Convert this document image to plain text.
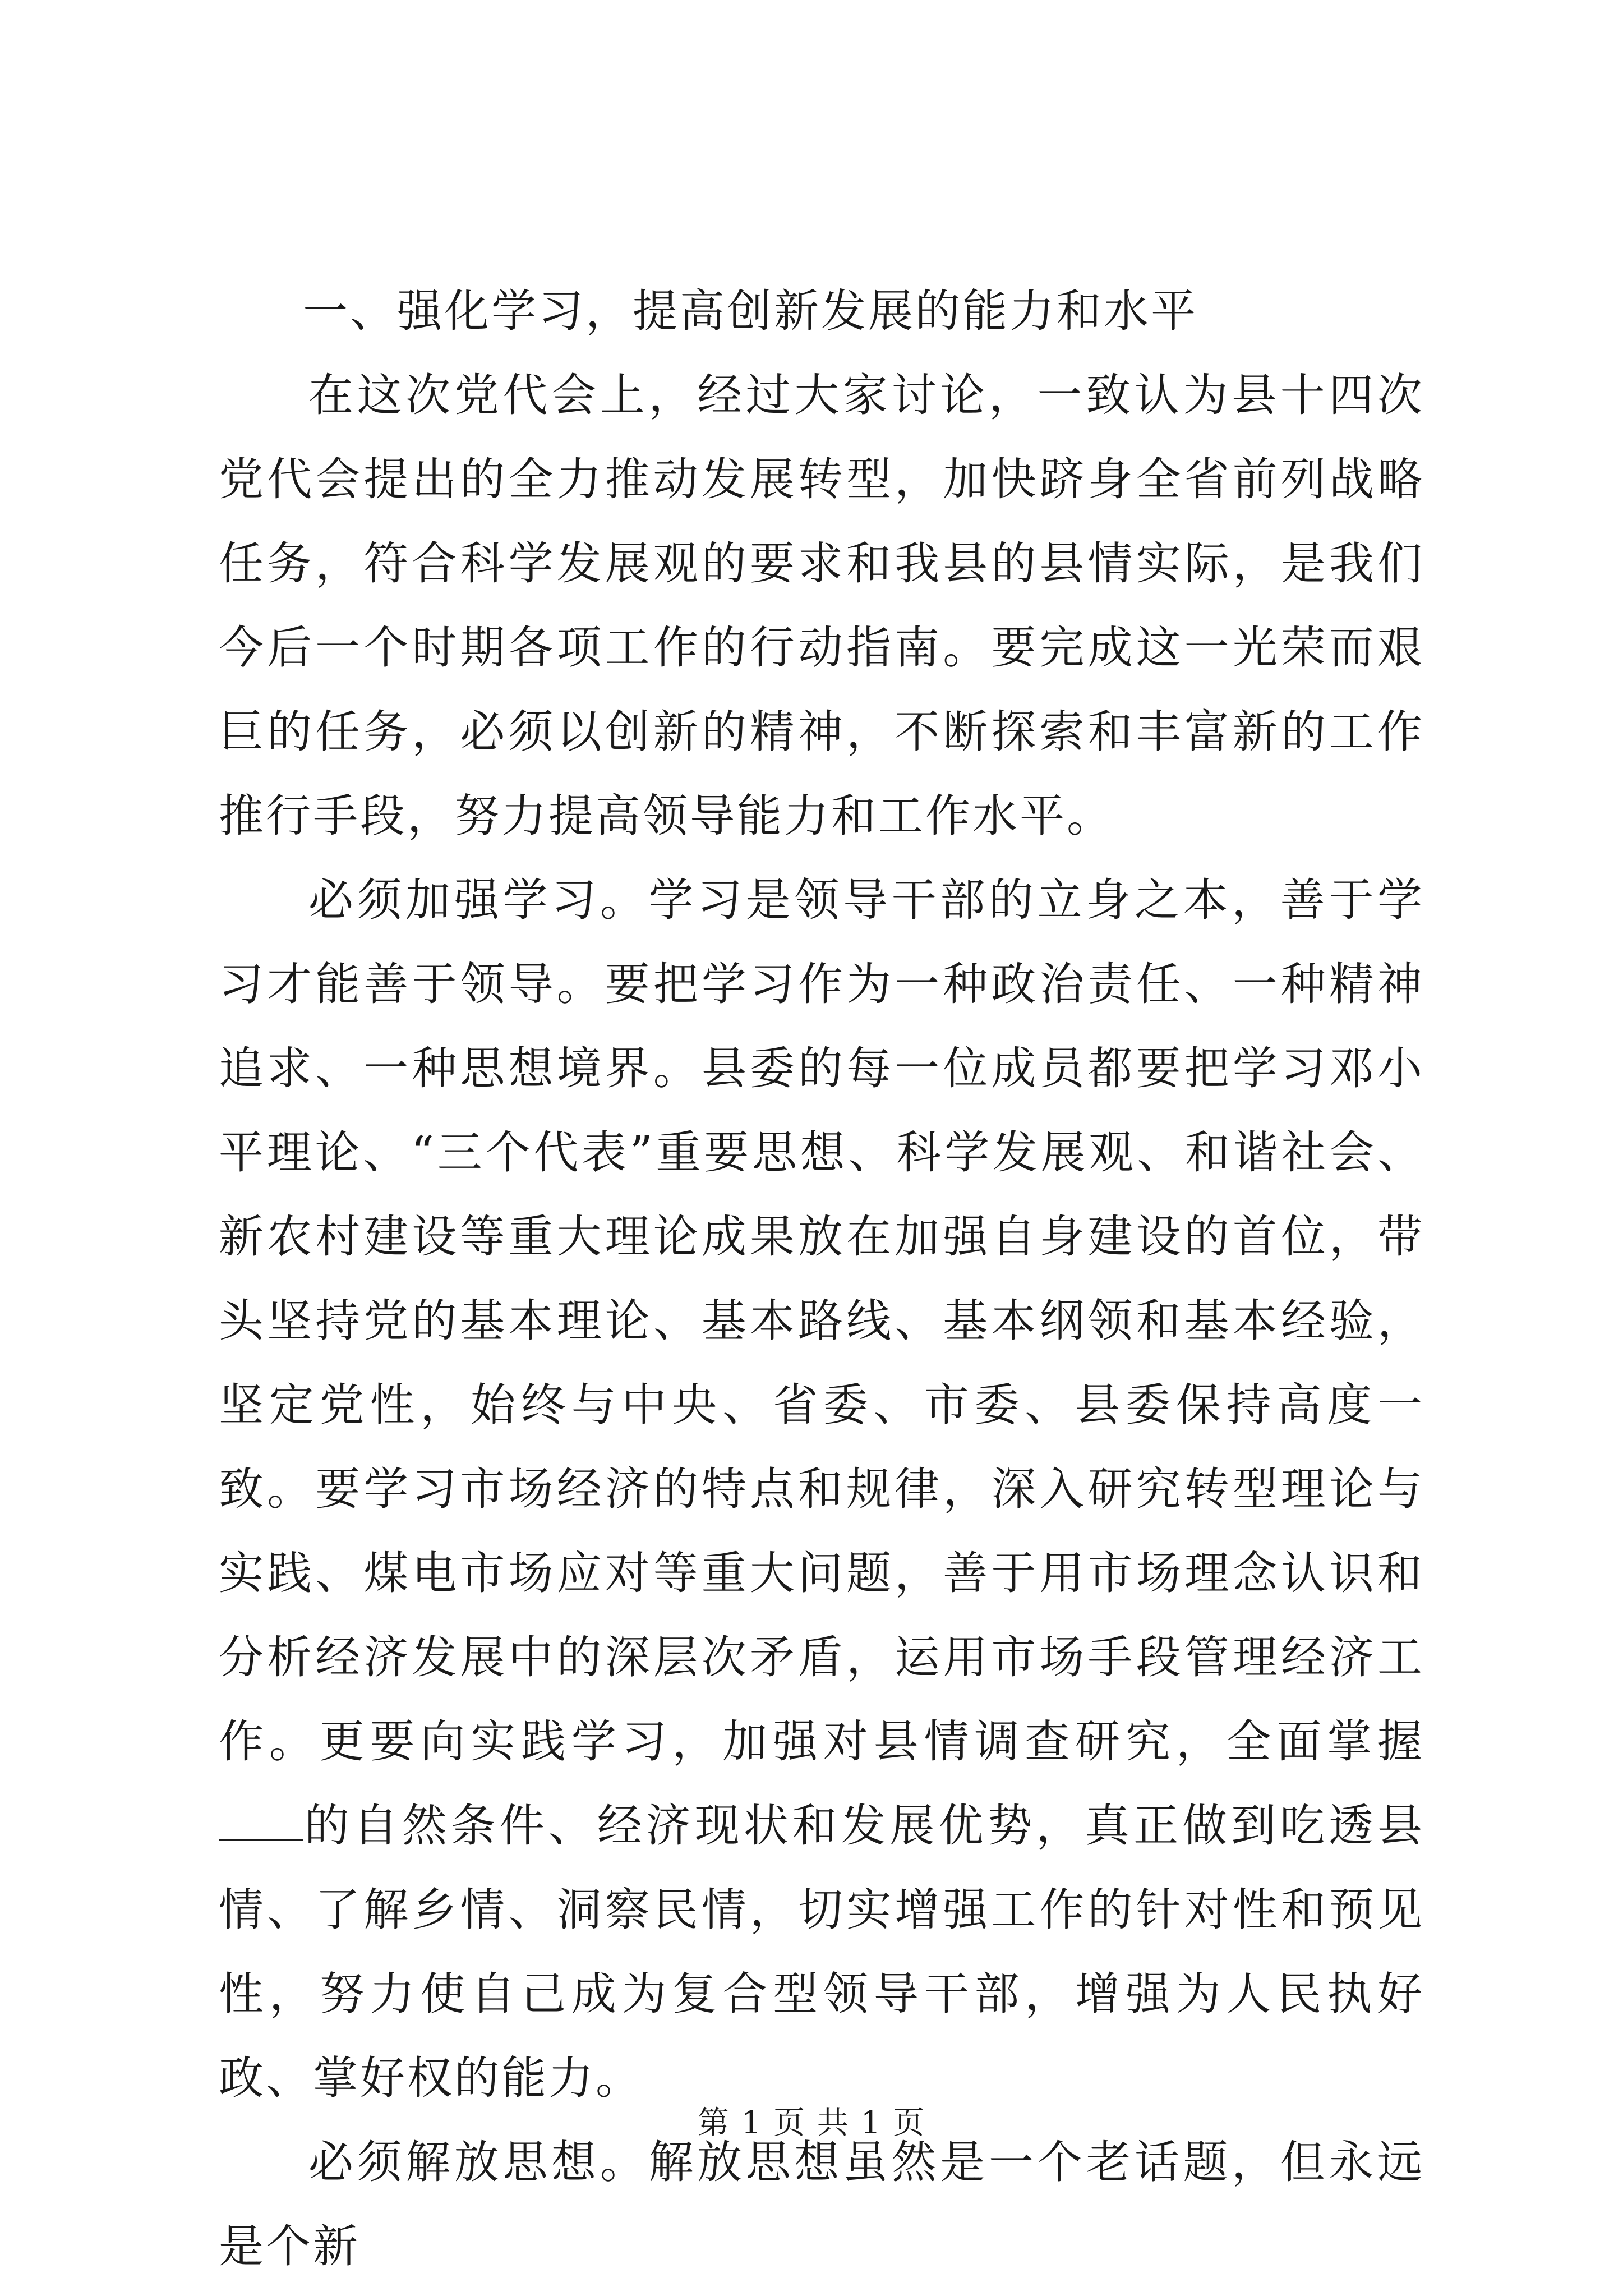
一、强化学习，提高创新发展的能力和水平

在这次党代会上，经过大家讨论，一致认为县十四次党代会提出的全力推动发展转型，加快跻身全省前列战略任务，符合科学发展观的要求和我县的县情实际，是我们今后一个时期各项工作的行动指南。要完成这一光荣而艰巨的任务，必须以创新的精神，不断探索和丰富新的工作推行手段，努力提高领导能力和工作水平。

必须加强学习。学习是领导干部的立身之本，善于学习才能善于领导。要把学习作为一种政治责任、一种精神追求、一种思想境界。县委的每一位成员都要把学习邓小平理论、“三个代表”重要思想、科学发展观、和谐社会、新农村建设等重大理论成果放在加强自身建设的首位，带头坚持党的基本理论、基本路线、基本纲领和基本经验，坚定党性，始终与中央、省委、市委、县委保持高度一致。要学习市场经济的特点和规律，深入研究转型理论与实践、煤电市场应对等重大问题，善于用市场理念认识和分析经济发展中的深层次矛盾，运用市场手段管理经济工作。更要向实践学习，加强对县情调查研究，全面掌握的自然条件、经济现状和发展优势，真正做到吃透县情、了解乡情、洞察民情，切实增强工作的针对性和预见性，努力使自己成为复合型领导干部，增强为人民执好政、掌好权的能力。

必须解放思想。解放思想虽然是一个老话题，但永远是个新

第 1 页 共 1 页
